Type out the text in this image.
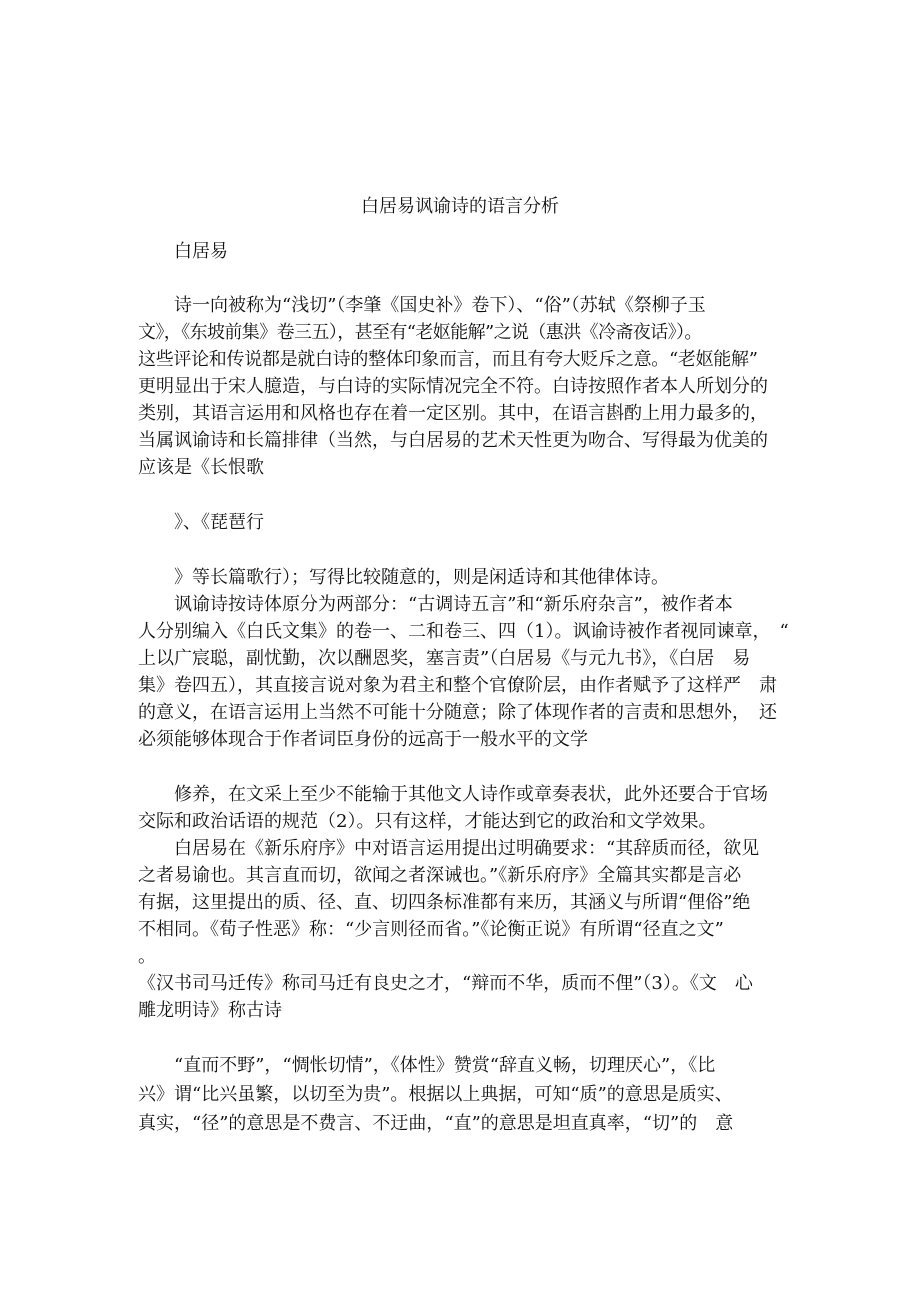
白居易讽谕诗的语言分析

白居易

诗一向被称为“浅切”（李肇《国史补》卷下）、“俗”（苏轼《祭柳子玉

文》，《东坡前集》卷三五），甚至有“老妪能解”之说（惠洪《冷斋夜话》）。

这些评论和传说都是就白诗的整体印象而言，而且有夸大贬斥之意。“老妪能解”

更明显出于宋人臆造，与白诗的实际情况完全不符。白诗按照作者本人所划分的

类别，其语言运用和风格也存在着一定区别。其中，在语言斟酌上用力最多的，

当属讽谕诗和长篇排律（当然，与白居易的艺术天性更为吻合、写得最为优美的

应该是《长恨歌

》、《琵琶行

》等长篇歌行）；写得比较随意的，则是闲适诗和其他律体诗。

讽谕诗按诗体原分为两部分：“古调诗五言”和“新乐府杂言”，被作者本

人分别编入《白氏文集》的卷一、二和卷三、四（1）。讽谕诗被作者视同谏章，　“

上以广宸聪，副忧勤，次以酬恩奖，塞言责”（白居易《与元九书》，《白居　易

集》卷四五），其直接言说对象为君主和整个官僚阶层，由作者赋予了这样严　肃

的意义，在语言运用上当然不可能十分随意；除了体现作者的言责和思想外，　还

必须能够体现合于作者词臣身份的远高于一般水平的文学

修养，在文采上至少不能输于其他文人诗作或章奏表状，此外还要合于官场

交际和政治话语的规范（2）。只有这样，才能达到它的政治和文学效果。

白居易在《新乐府序》中对语言运用提出过明确要求：“其辞质而径，欲见

之者易谕也。其言直而切，欲闻之者深诫也。”《新乐府序》全篇其实都是言必

有据，这里提出的质、径、直、切四条标准都有来历，其涵义与所谓“俚俗”绝

不相同。《荀子性恶》称：“少言则径而省。”《论衡正说》有所谓“径直之文”

。

《汉书司马迁传》称司马迁有良史之才，“辩而不华，质而不俚”（3）。《文　心

雕龙明诗》称古诗

“直而不野”，“惆怅切情”，《体性》赞赏“辞直义畅，切理厌心”，《比

兴》谓“比兴虽繁，以切至为贵”。根据以上典据，可知“质”的意思是质实、

真实，“径”的意思是不费言、不迂曲，“直”的意思是坦直真率，“切”的　意
